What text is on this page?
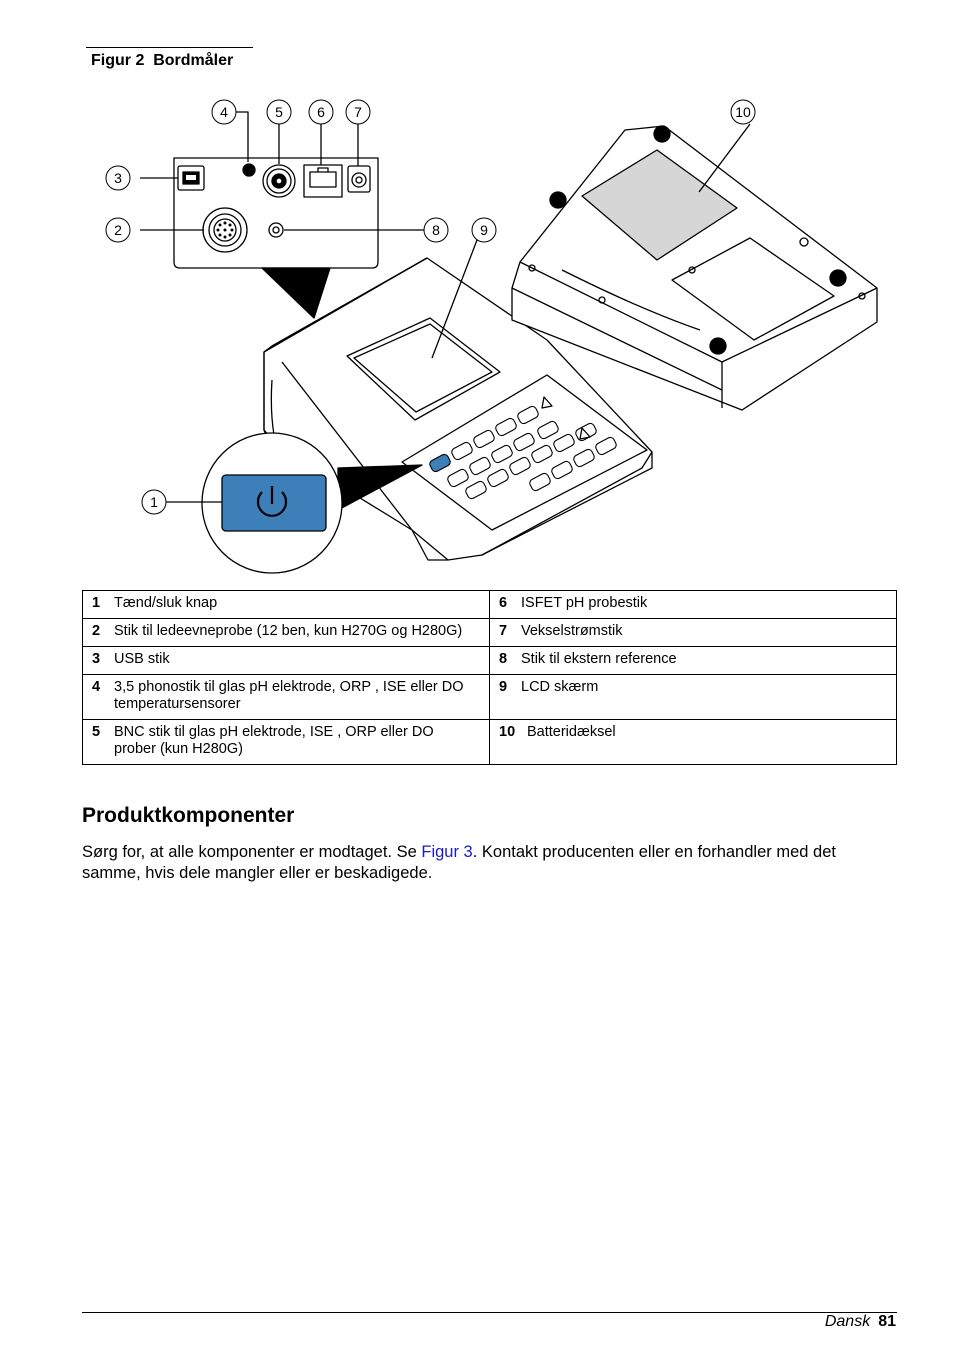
Figur 2  Bordmåler
3
2
4	5 6 7
8	9
10
1
1 Tænd/sluk knap	6 ISFET pH probestik
2 Stik til ledeevneprobe (12 ben, kun H270G og H280G)	7 Vekselstrømstik
3 USB stik	8 Stik til ekstern reference
4 3,5 phonostik til glas pH elektrode, ORP , ISE eller DO temperatursensorer	9 LCD skærm
5 BNC stik til glas pH elektrode, ISE , ORP eller DO prober (kun H280G)	10 Batteridæksel
Produktkomponenter

Sørg for, at alle komponenter er modtaget. Se Figur 3. Kontakt producenten eller en forhandler med det samme, hvis dele mangler eller er beskadigede.

Dansk 81
